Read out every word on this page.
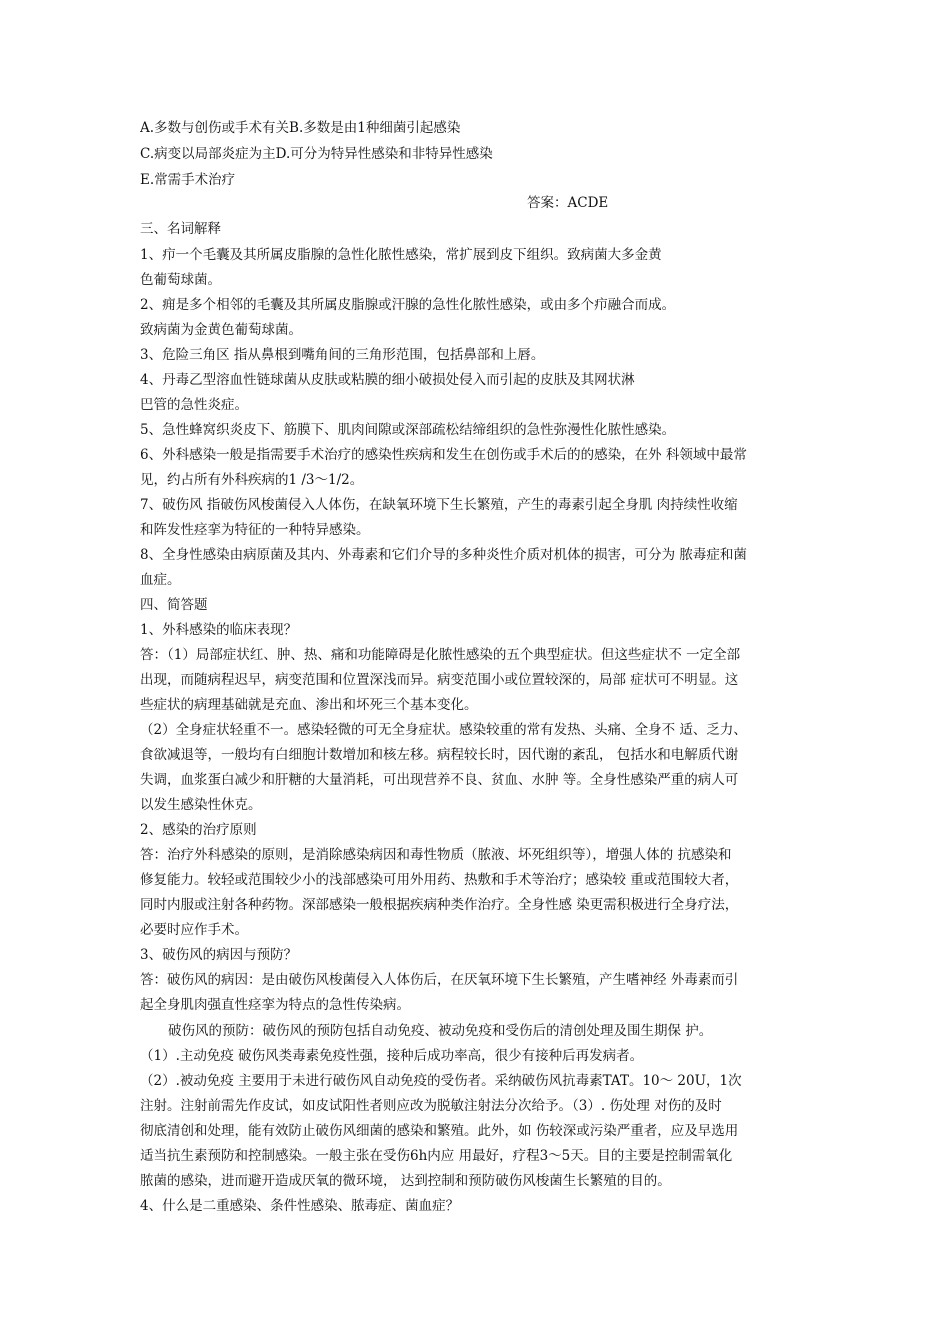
A.多数与创伤或手术有关B.多数是由1种细菌引起感染
C.病变以局部炎症为主D.可分为特异性感染和非特异性感染
E.常需手术治疗
答案：ACDE
三、名词解释
1、疖一个毛囊及其所属皮脂腺的急性化脓性感染，常扩展到皮下组织。致病菌大多金黄
色葡萄球菌。
2、痈是多个相邻的毛囊及其所属皮脂腺或汗腺的急性化脓性感染，或由多个疖融合而成。
致病菌为金黄色葡萄球菌。
3、危险三角区 指从鼻根到嘴角间的三角形范围，包括鼻部和上唇。
4、丹毒乙型溶血性链球菌从皮肤或粘膜的细小破损处侵入而引起的皮肤及其网状淋
巴管的急性炎症。
5、急性蜂窝织炎皮下、筋膜下、肌肉间隙或深部疏松结缔组织的急性弥漫性化脓性感染。
6、外科感染一般是指需要手术治疗的感染性疾病和发生在创伤或手术后的的感染，在外 科领域中最常
见，约占所有外科疾病的1 /3〜1/2。
7、破伤风 指破伤风梭菌侵入人体伤，在缺氧环境下生长繁殖，产生的毒素引起全身肌 肉持续性收缩
和阵发性痉挛为特征的一种特异感染。
8、全身性感染由病原菌及其内、外毒素和它们介导的多种炎性介质对机体的损害，可分为 脓毒症和菌
血症。
四、简答题
1、外科感染的临床表现？
答：（1）局部症状红、肿、热、痛和功能障碍是化脓性感染的五个典型症状。但这些症状不 一定全部
出现，而随病程迟早，病变范围和位置深浅而异。病变范围小或位置较深的，局部 症状可不明显。这
些症状的病理基础就是充血、渗出和坏死三个基本变化。
（2）全身症状轻重不一。感染轻微的可无全身症状。感染较重的常有发热、头痛、全身不 适、乏力、
食欲减退等，一般均有白细胞计数增加和核左移。病程较长时，因代谢的紊乱， 包括水和电解质代谢
失调，血浆蛋白减少和肝糖的大量消耗，可出现营养不良、贫血、水肿 等。全身性感染严重的病人可
以发生感染性休克。
2、感染的治疗原则
答：治疗外科感染的原则，是消除感染病因和毒性物质（脓液、坏死组织等），增强人体的 抗感染和
修复能力。较轻或范围较少小的浅部感染可用外用药、热敷和手术等治疗；感染较 重或范围较大者，
同时内服或注射各种药物。深部感染一般根据疾病种类作治疗。全身性感 染更需积极进行全身疗法，
必要时应作手术。
3、破伤风的病因与预防？
答：破伤风的病因：是由破伤风梭菌侵入人体伤后，在厌氧环境下生长繁殖，产生嗜神经 外毒素而引
起全身肌肉强直性痉挛为特点的急性传染病。
破伤风的预防：破伤风的预防包括自动免疫、被动免疫和受伤后的清创处理及围生期保 护。
（1）.主动免疫 破伤风类毒素免疫性强，接种后成功率高，很少有接种后再发病者。
（2）.被动免疫 主要用于未进行破伤风自动免疫的受伤者。采纳破伤风抗毒素TAT。10〜 20U，1次
注射。注射前需先作皮试，如皮试阳性者则应改为脱敏注射法分次给予。（3）. 伤处理 对伤的及时
彻底清创和处理，能有效防止破伤风细菌的感染和繁殖。此外，如 伤较深或污染严重者，应及早选用
适当抗生素预防和控制感染。一般主张在受伤6h内应 用最好，疗程3〜5天。目的主要是控制需氧化
脓菌的感染，进而避开造成厌氧的微环境， 达到控制和预防破伤风梭菌生长繁殖的目的。
4、什么是二重感染、条件性感染、脓毒症、菌血症？
